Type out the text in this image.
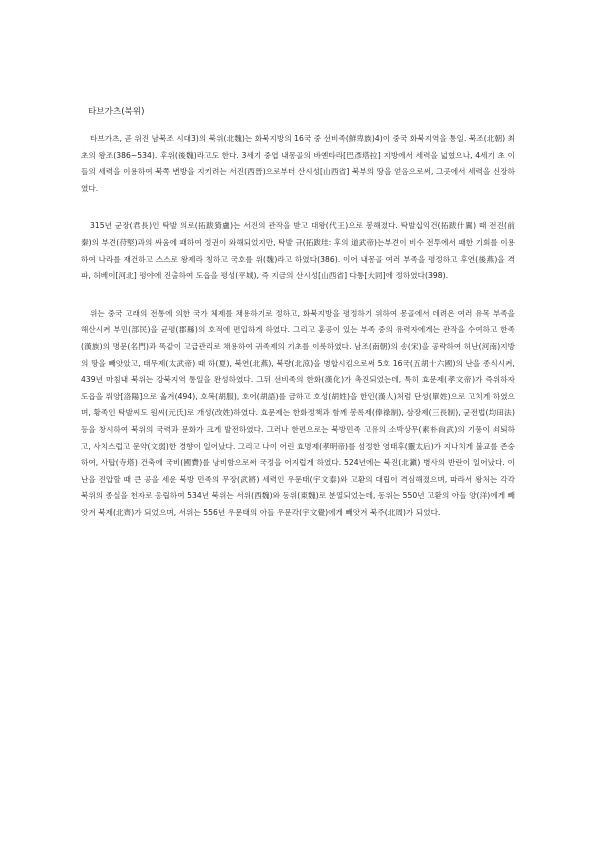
타브가츠(북위)

타브가츠, 곧 위진 남북조 시대3)의 북위(北魏)는 화북지방의 16국 중 선비족(鮮卑族)4)이 중국 화북지역을 통일. 북조(北朝) 최초의 왕조(386~534). 후위(後魏)라고도 한다. 3세기 중엽 내몽골의 바옌타라[巴彥塔拉] 지방에서 세력을 넓혔으나, 4세기 초 이들의 세력을 이용하여 북쪽 변방을 지키려는 서진(西晉)으로부터 산시성[山西省] 북부의 땅을 얻음으로써, 그곳에서 세력을 신장하였다.

315년 군장(君長)인 탁발 의로(拓跋猗盧)는 서진의 관작을 받고 대왕(代王)으로 봉해졌다. 탁발십익건(拓跋什翼) 때 전진(前秦)의 부견(苻堅)과의 싸움에 패하여 정권이 와해되었지만, 탁발 규(拓跋珪: 후의 道武帝)는부견이 비수 전투에서 패한 기회를 이용하여 나라를 재건하고 스스로 왕제라 칭하고 국호를 위(魏)라고 하였다(386). 이어 내몽골 여러 부족을 평정하고 후연(後燕)을 격파, 허베이[河北] 평야에 진출하여 도읍을 평성(平城), 즉 지금의 산시성[山西省] 다퉁[大同]에 정하였다(398).

위는 중국 고래의 전통에 의한 국가 체제를 채용하기로 정하고, 화북지방을 평정하기 위하여 몽골에서 데려온 여러 유목 부족을 해산시켜 부민(部民)을 균평(郡縣)의 호적에 편입하게 하였다. 그리고 훈공이 있는 부족 중의 유력자에게는 관작을 수여하고 한족(漢族)의 명문(名門)과 똑같이 고급관리로 채용하여 귀족제의 기초를 이룩하였다. 남조(南朝)의 송(宋)을 공략하여 허난(河南)지방의 땅을 빼앗았고, 태무제(太武帝) 때 하(夏), 북연(北燕), 북량(北涼)을 병합시킴으로써 5호 16국(五胡十六國)의 난을 종식시켜, 439년 마침내 북위는 강북지역 통일을 완성하였다. 그뒤 선비족의 한화(漢化)가 촉진되었는데, 특히 효문제(孝文帝)가 즉위하자 도읍을 뤄양[洛陽]으로 옮겨(494), 호복(胡服), 호어(胡語)를 금하고 호성(胡姓)을 한인(漢人)처럼 단성(單姓)으로 고치게 하였으며, 황족인 탁발씨도 원씨(元氏)로 개성(改姓)하였다. 효문제는 한화정책과 함께 봉록제(俸祿制), 삼장제(三長制), 균전법(均田法)등을 창시하여 북위의 국력과 문화가 크게 발전하였다. 그러나 한편으로는 북방민족 고유의 소박상무(素朴尙武)의 기풍이 쇠퇴하고, 사치스럽고 문약(文弱)한 경향이 일어났다. 그리고 나이 어린 효명제(孝明帝)를 섬정한 영태후(靈太后)가 지나치게 불교를 존숭하여, 사탑(寺塔) 건축에 국비(國費)를 낭비함으로써 국정을 어지럽게 하였다. 524년에는 북진(北鎭) 병사의 반란이 일어났다. 이 난을 진압할 때 큰 공을 세운 북방 민족의 무장(武將) 세력인 우문태(宇文泰)와 고환의 대립이 격심해졌으며, 따라서 왕처는 각각 북위의 종실을 천자로 옹립하여 534년 북위는 서위(西魏)와 동위(東魏)로 분열되었는데, 동위는 550년 고환의 아들 양(洋)에게 빼앗겨 북제(北齊)가 되었으며, 서위는 556년 우문태의 아들 우문각(宇文覺)에게 빼앗겨 북주(北周)가 되었다.
